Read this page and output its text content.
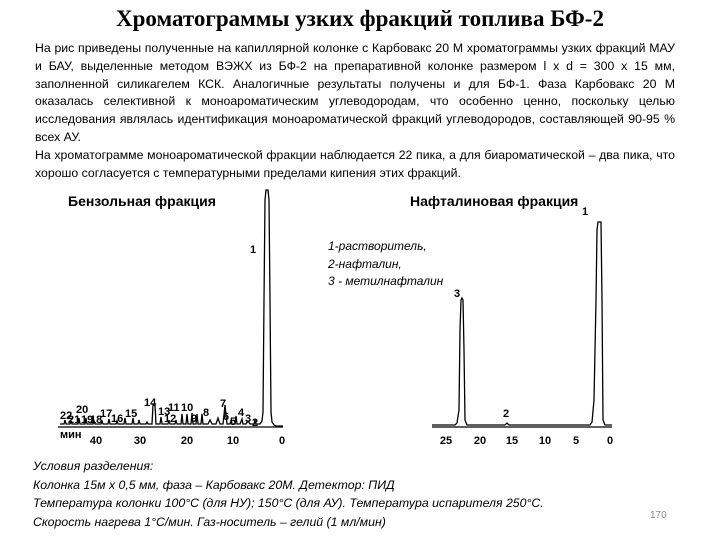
Хроматограммы узких фракций топлива БФ-2

На рис приведены полученные на капиллярной колонке с Карбовакс 20 М хроматограммы узких фракций МАУ и БАУ, выделенные методом ВЭЖХ из БФ-2 на препаративной колонке размером l x d = 300 x 15 мм, заполненной силикагелем КСК. Аналогичные результаты получены и для БФ-1. Фаза Карбовакс 20 М оказалась селективной к моноароматическим углеводородам, что особенно ценно, поскольку целью исследования являлась идентификация моноароматической фракций углеводородов, составляющей 90-95 % всех АУ.

На хроматограмме моноароматической фракции наблюдается 22 пика, а для биароматической – два пика, что хорошо согласуется с температурными пределами кипения этих фракций.

Бензольная фракция	Нафталиновая фракция
40	30	20	10	0
мин
22 20
21 19
18
17
16 15
14
13
12
11 10
9 8
7
6 5
4 3 2
1
25 20 15 10 5	0
3
2
1
1-растворитель,
2-нафталин,
3 - метилнафталин
Условия разделения:
Колонка 15м х 0,5 мм, фаза – Карбовакс 20М. Детектор: ПИД
Температура колонки 100°С (для НУ); 150°С (для АУ). Температура испарителя 250°С.
Скорость нагрева 1°С/мин. Газ-носитель – гелий (1 мл/мин)	170
